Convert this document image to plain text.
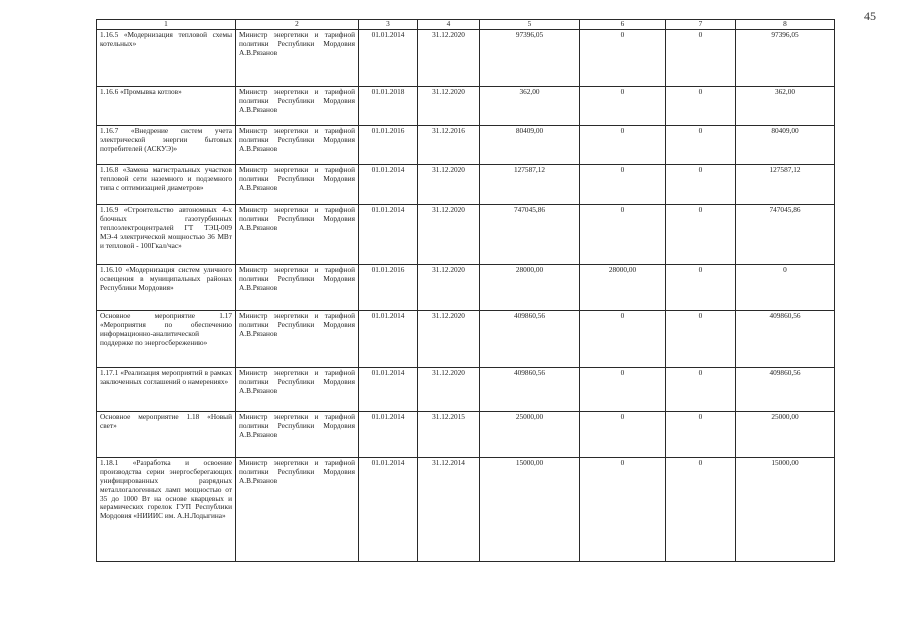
45
1	2	3	4	5	6	7	8
1.16.5 «Модернизация тепловой схемы котельных»	Министр энергетики и тарифной политики Республики Мордовия А.В.Рязанов	01.01.2014	31.12.2020	97396,05	0	0	97396,05
1.16.6 «Промывка котлов»	Министр энергетики и тарифной политики Республики Мордовия А.В.Рязанов	01.01.2018	31.12.2020	362,00	0	0	362,00
1.16.7 «Внедрение систем учета электрической энергии бытовых потребителей (АСКУЭ)»	Министр энергетики и тарифной политики Республики Мордовия А.В.Рязанов	01.01.2016	31.12.2016	80409,00	0	0	80409,00
1.16.8 «Замена магистральных участков тепловой сети наземного и подземного типа с оптимизацией диаметров»	Министр энергетики и тарифной политики Республики Мордовия А.В.Рязанов	01.01.2014	31.12.2020	127587,12	0	0	127587,12
1.16.9 «Строительство автономных 4-х блочных газотурбинных теплоэлектроцентралей ГТ ТЭЦ-009 МЭ-4 электрической мощностью 36 МВт и тепловой - 100Гкал/час»	Министр энергетики и тарифной политики Республики Мордовия А.В.Рязанов	01.01.2014	31.12.2020	747045,86	0	0	747045,86
1.16.10 «Модернизация систем уличного освещения в муниципальных районах Республики Мордовия»	Министр энергетики и тарифной политики Республики Мордовия А.В.Рязанов	01.01.2016	31.12.2020	28000,00	28000,00	0	0
Основное мероприятие 1.17 «Мероприятия по обеспечению информационно-аналитической поддержке по энергосбережению»	Министр энергетики и тарифной политики Республики Мордовия А.В.Рязанов	01.01.2014	31.12.2020	409860,56	0	0	409860,56
1.17.1 «Реализация мероприятий в рамках заключенных соглашений о намерениях»	Министр энергетики и тарифной политики Республики Мордовия А.В.Рязанов	01.01.2014	31.12.2020	409860,56	0	0	409860,56
Основное мероприятие 1.18 «Новый свет»	Министр энергетики и тарифной политики Республики Мордовия А.В.Рязанов	01.01.2014	31.12.2015	25000,00	0	0	25000,00
1.18.1 «Разработка и освоение производства серии энергосберегающих унифицированных разрядных металлогалогенных ламп мощностью от 35 до 1000 Вт на основе кварцевых и керамических горелок ГУП Республики Мордовия «НИИИС им. А.Н.Лодыгина»	Министр энергетики и тарифной политики Республики Мордовия А.В.Рязанов	01.01.2014	31.12.2014	15000,00	0	0	15000,00
